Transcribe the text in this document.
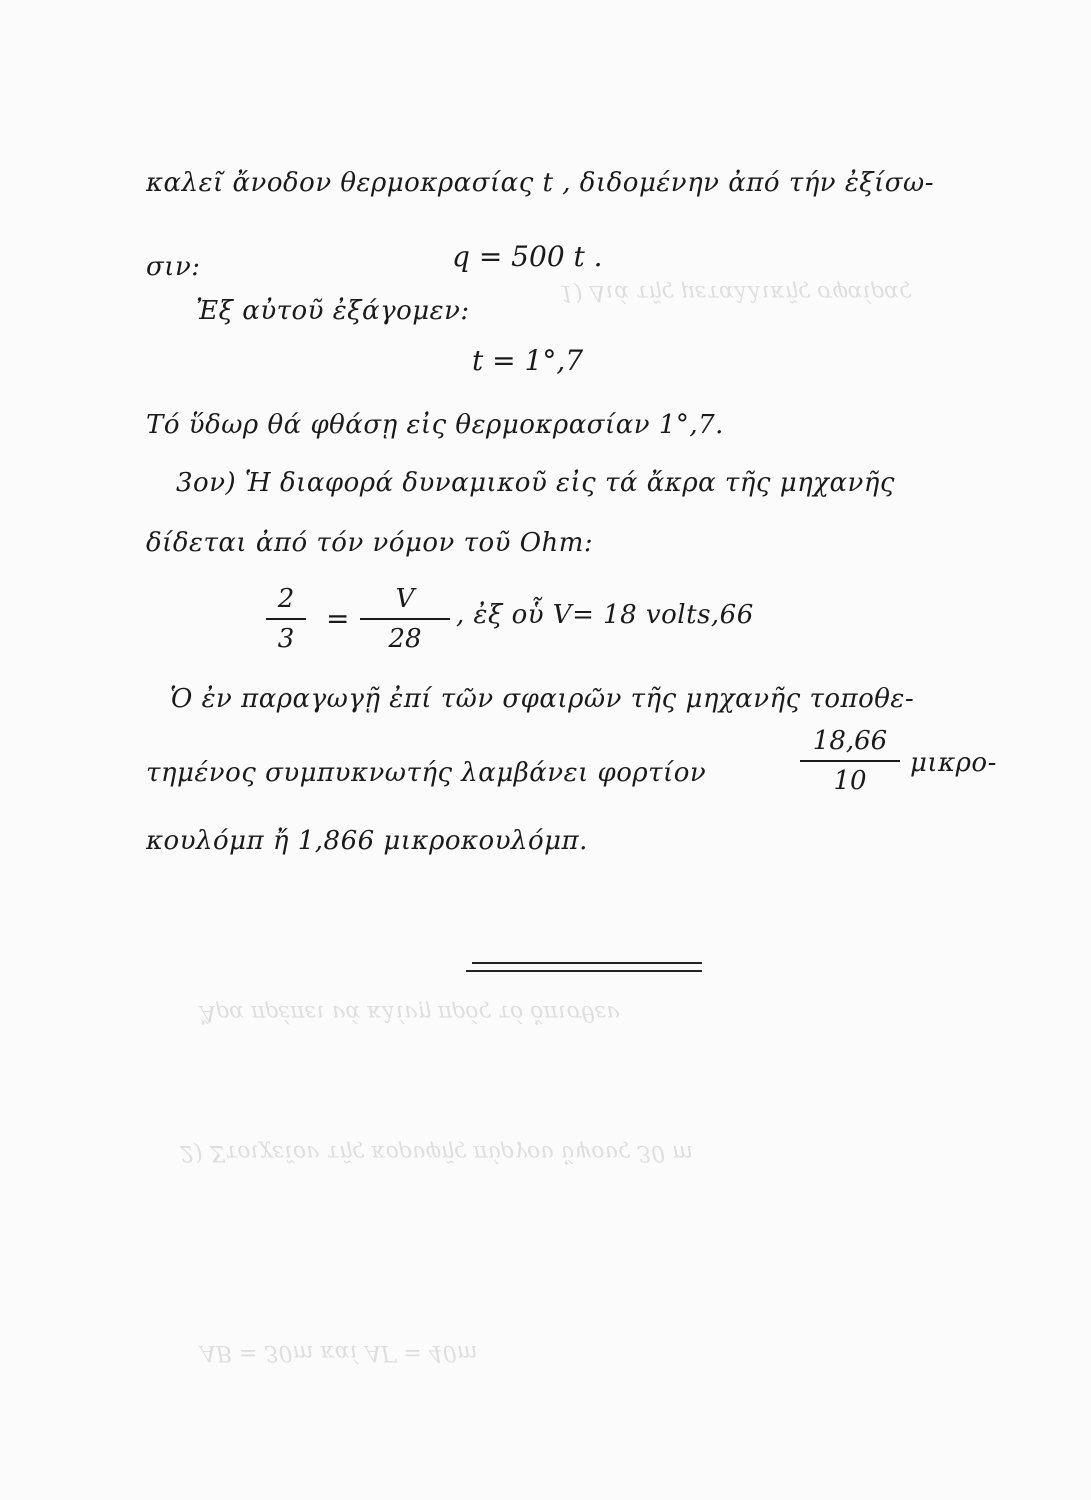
1) Διά τῆς μεταλλικῆς σφαίρας
Ἄρα πρέπει νά κλίνῃ πρός τό ὄπισθεν
2) Στοιχεῖον τῆς κορυφῆς πύργου ὕψους 30 m
AB = 30m καί AΓ = 40m
καλεῖ ἄνοδον θερμοκρασίας t , διδομένην ἀπό τήν ἐξίσω-
σιν:	q = 500 t .
Ἐξ αὐτοῦ ἐξάγομεν:
t = 1°,7
Τό ὕδωρ θά φθάσῃ εἰς θερμοκρασίαν 1°,7.
3ον) Ἡ διαφορά δυναμικοῦ εἰς τά ἄκρα τῆς μηχανῆς
δίδεται ἀπό τόν νόμον τοῦ Ohm:
2
3
=
V
28
, ἐξ οὗ V= 18 volts,66
Ὁ ἐν παραγωγῇ ἐπί τῶν σφαιρῶν τῆς μηχανῆς τοποθε-
τημένος συμπυκνωτής λαμβάνει φορτίον
18,66
10
μικρο-
κουλόμπ ἤ 1,866 μικροκουλόμπ.
